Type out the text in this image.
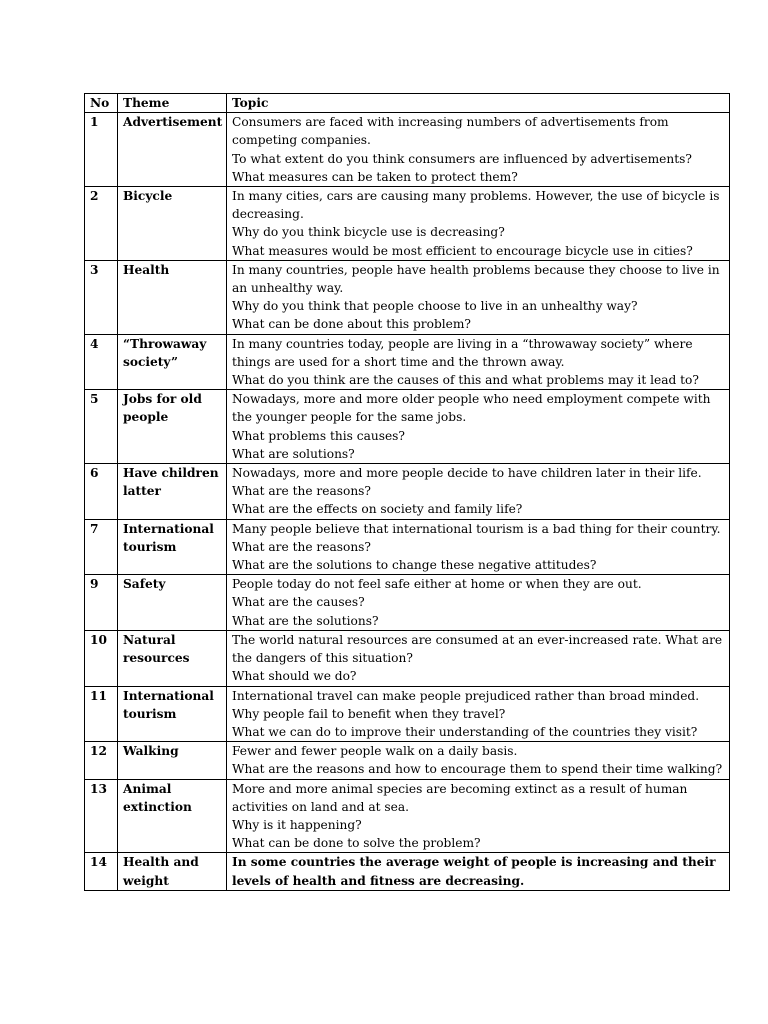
No	Theme	Topic
1	Advertisement	Consumers are faced with increasing numbers of advertisements from competing companies.
To what extent do you think consumers are influenced by advertisements?
What measures can be taken to protect them?

2	Bicycle	In many cities, cars are causing many problems. However, the use of bicycle is decreasing.
Why do you think bicycle use is decreasing?
What measures would be most efficient to encourage bicycle use in cities?

3	Health	In many countries, people have health problems because they choose to live in an unhealthy way.
Why do you think that people choose to live in an unhealthy way?
What can be done about this problem?

4	“Throwaway society”	In many countries today, people are living in a “throwaway society” where things are used for a short time and the thrown away.
What do you think are the causes of this and what problems may it lead to?

5	Jobs for old people	Nowadays, more and more older people who need employment compete with the younger people for the same jobs.
What problems this causes?
What are solutions?

6	Have children latter	Nowadays, more and more people decide to have children later in their life.
What are the reasons?
What are the effects on society and family life?

7	International tourism	Many people believe that international tourism is a bad thing for their country.
What are the reasons?
What are the solutions to change these negative attitudes?

9	Safety	People today do not feel safe either at home or when they are out.
What are the causes?
What are the solutions?

10	Natural resources	The world natural resources are consumed at an ever-increased rate. What are the dangers of this situation?
What should we do?

11	International tourism	International travel can make people prejudiced rather than broad minded.
Why people fail to benefit when they travel?
What we can do to improve their understanding of the countries they visit?

12	Walking	Fewer and fewer people walk on a daily basis.
What are the reasons and how to encourage them to spend their time walking?

13	Animal extinction	More and more animal species are becoming extinct as a result of human activities on land and at sea.
Why is it happening?
What can be done to solve the problem?

14	Health and weight	In some countries the average weight of people is increasing and their levels of health and fitness are decreasing.
